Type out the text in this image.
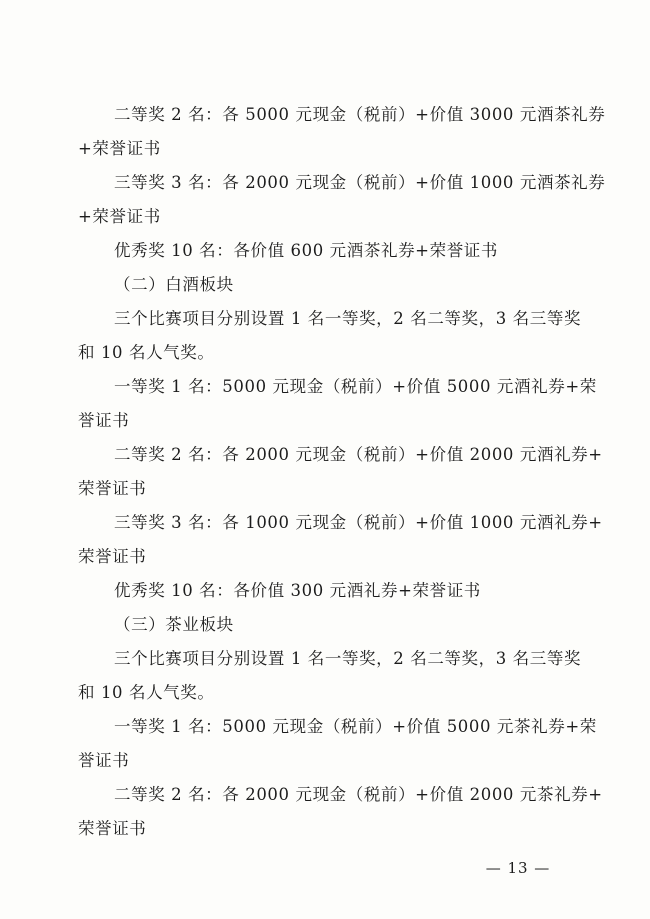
二等奖 2 名：各 5000 元现金（税前）+价值 3000 元酒茶礼券
+荣誉证书
三等奖 3 名：各 2000 元现金（税前）+价值 1000 元酒茶礼券
+荣誉证书
优秀奖 10 名：各价值 600 元酒茶礼券+荣誉证书
（二）白酒板块
三个比赛项目分别设置 1 名一等奖，2 名二等奖，3 名三等奖
和 10 名人气奖。
一等奖 1 名：5000 元现金（税前）+价值 5000 元酒礼券+荣
誉证书
二等奖 2 名：各 2000 元现金（税前）+价值 2000 元酒礼券+
荣誉证书
三等奖 3 名：各 1000 元现金（税前）+价值 1000 元酒礼券+
荣誉证书
优秀奖 10 名：各价值 300 元酒礼券+荣誉证书
（三）茶业板块
三个比赛项目分别设置 1 名一等奖，2 名二等奖，3 名三等奖
和 10 名人气奖。
一等奖 1 名：5000 元现金（税前）+价值 5000 元茶礼券+荣
誉证书
二等奖 2 名：各 2000 元现金（税前）+价值 2000 元茶礼券+
荣誉证书
— 13 —
